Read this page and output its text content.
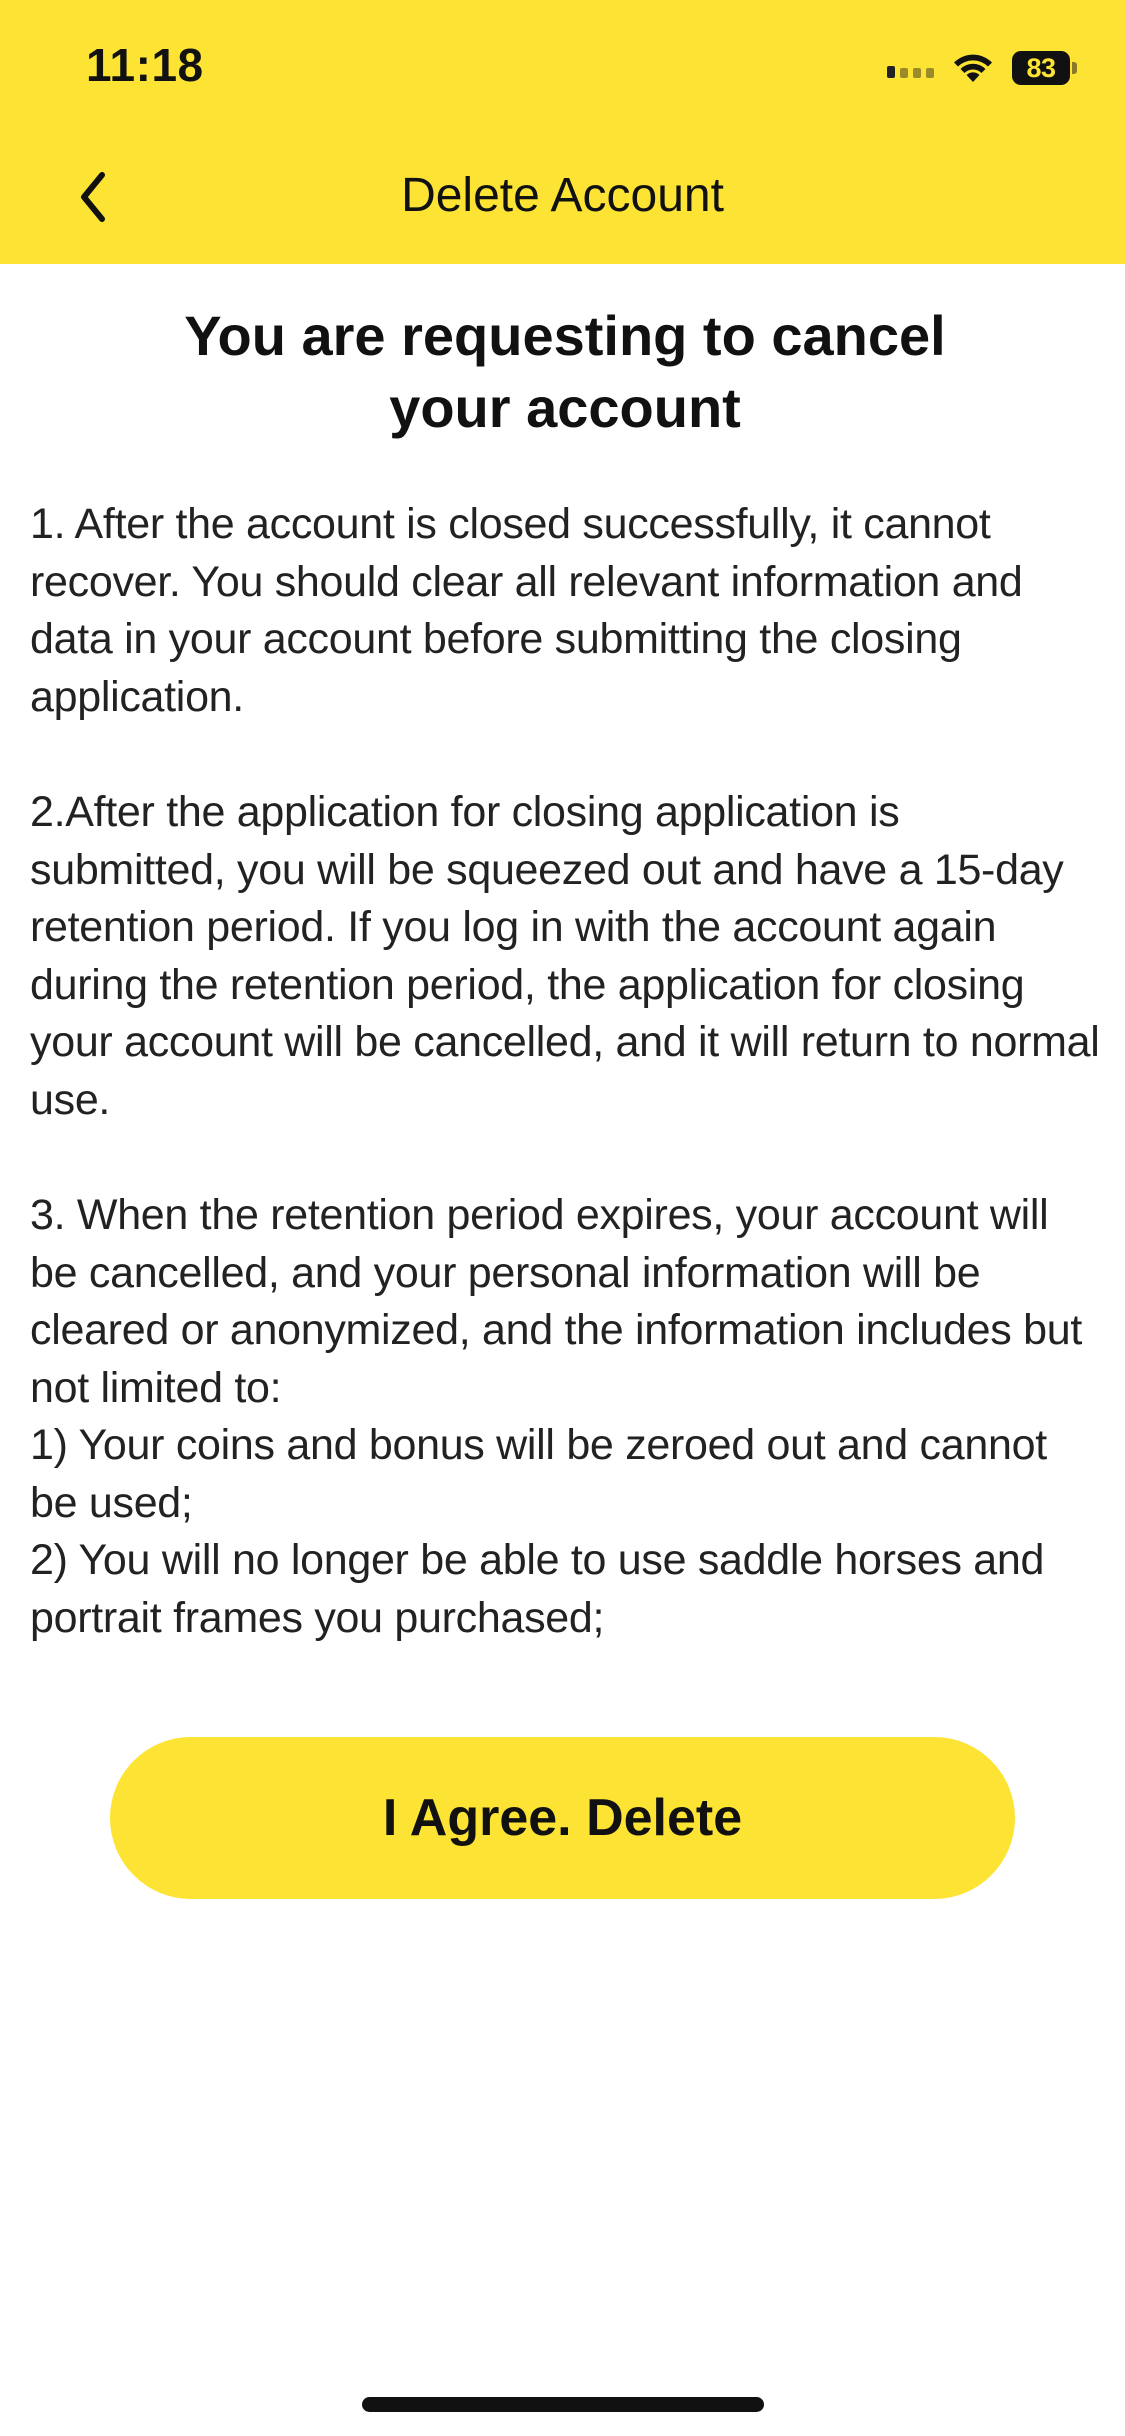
11:18	83
Delete Account
You are requesting to cancel
your account

1. After the account is closed successfully, it cannot recover. You should clear all relevant information and data in your account before submitting the closing application.

2.After the application for closing application is submitted, you will be squeezed out and have a 15-day retention period. If you log in with the account again during the retention period, the application for closing your account will be cancelled, and it will return to normal use.

3. When the retention period expires, your account will be cancelled, and your personal information will be cleared or anonymized, and the information includes but not limited to:

1) Your coins and bonus will be zeroed out and cannot be used;

2) You will no longer be able to use saddle horses and portrait frames you purchased;

I Agree. Delete
